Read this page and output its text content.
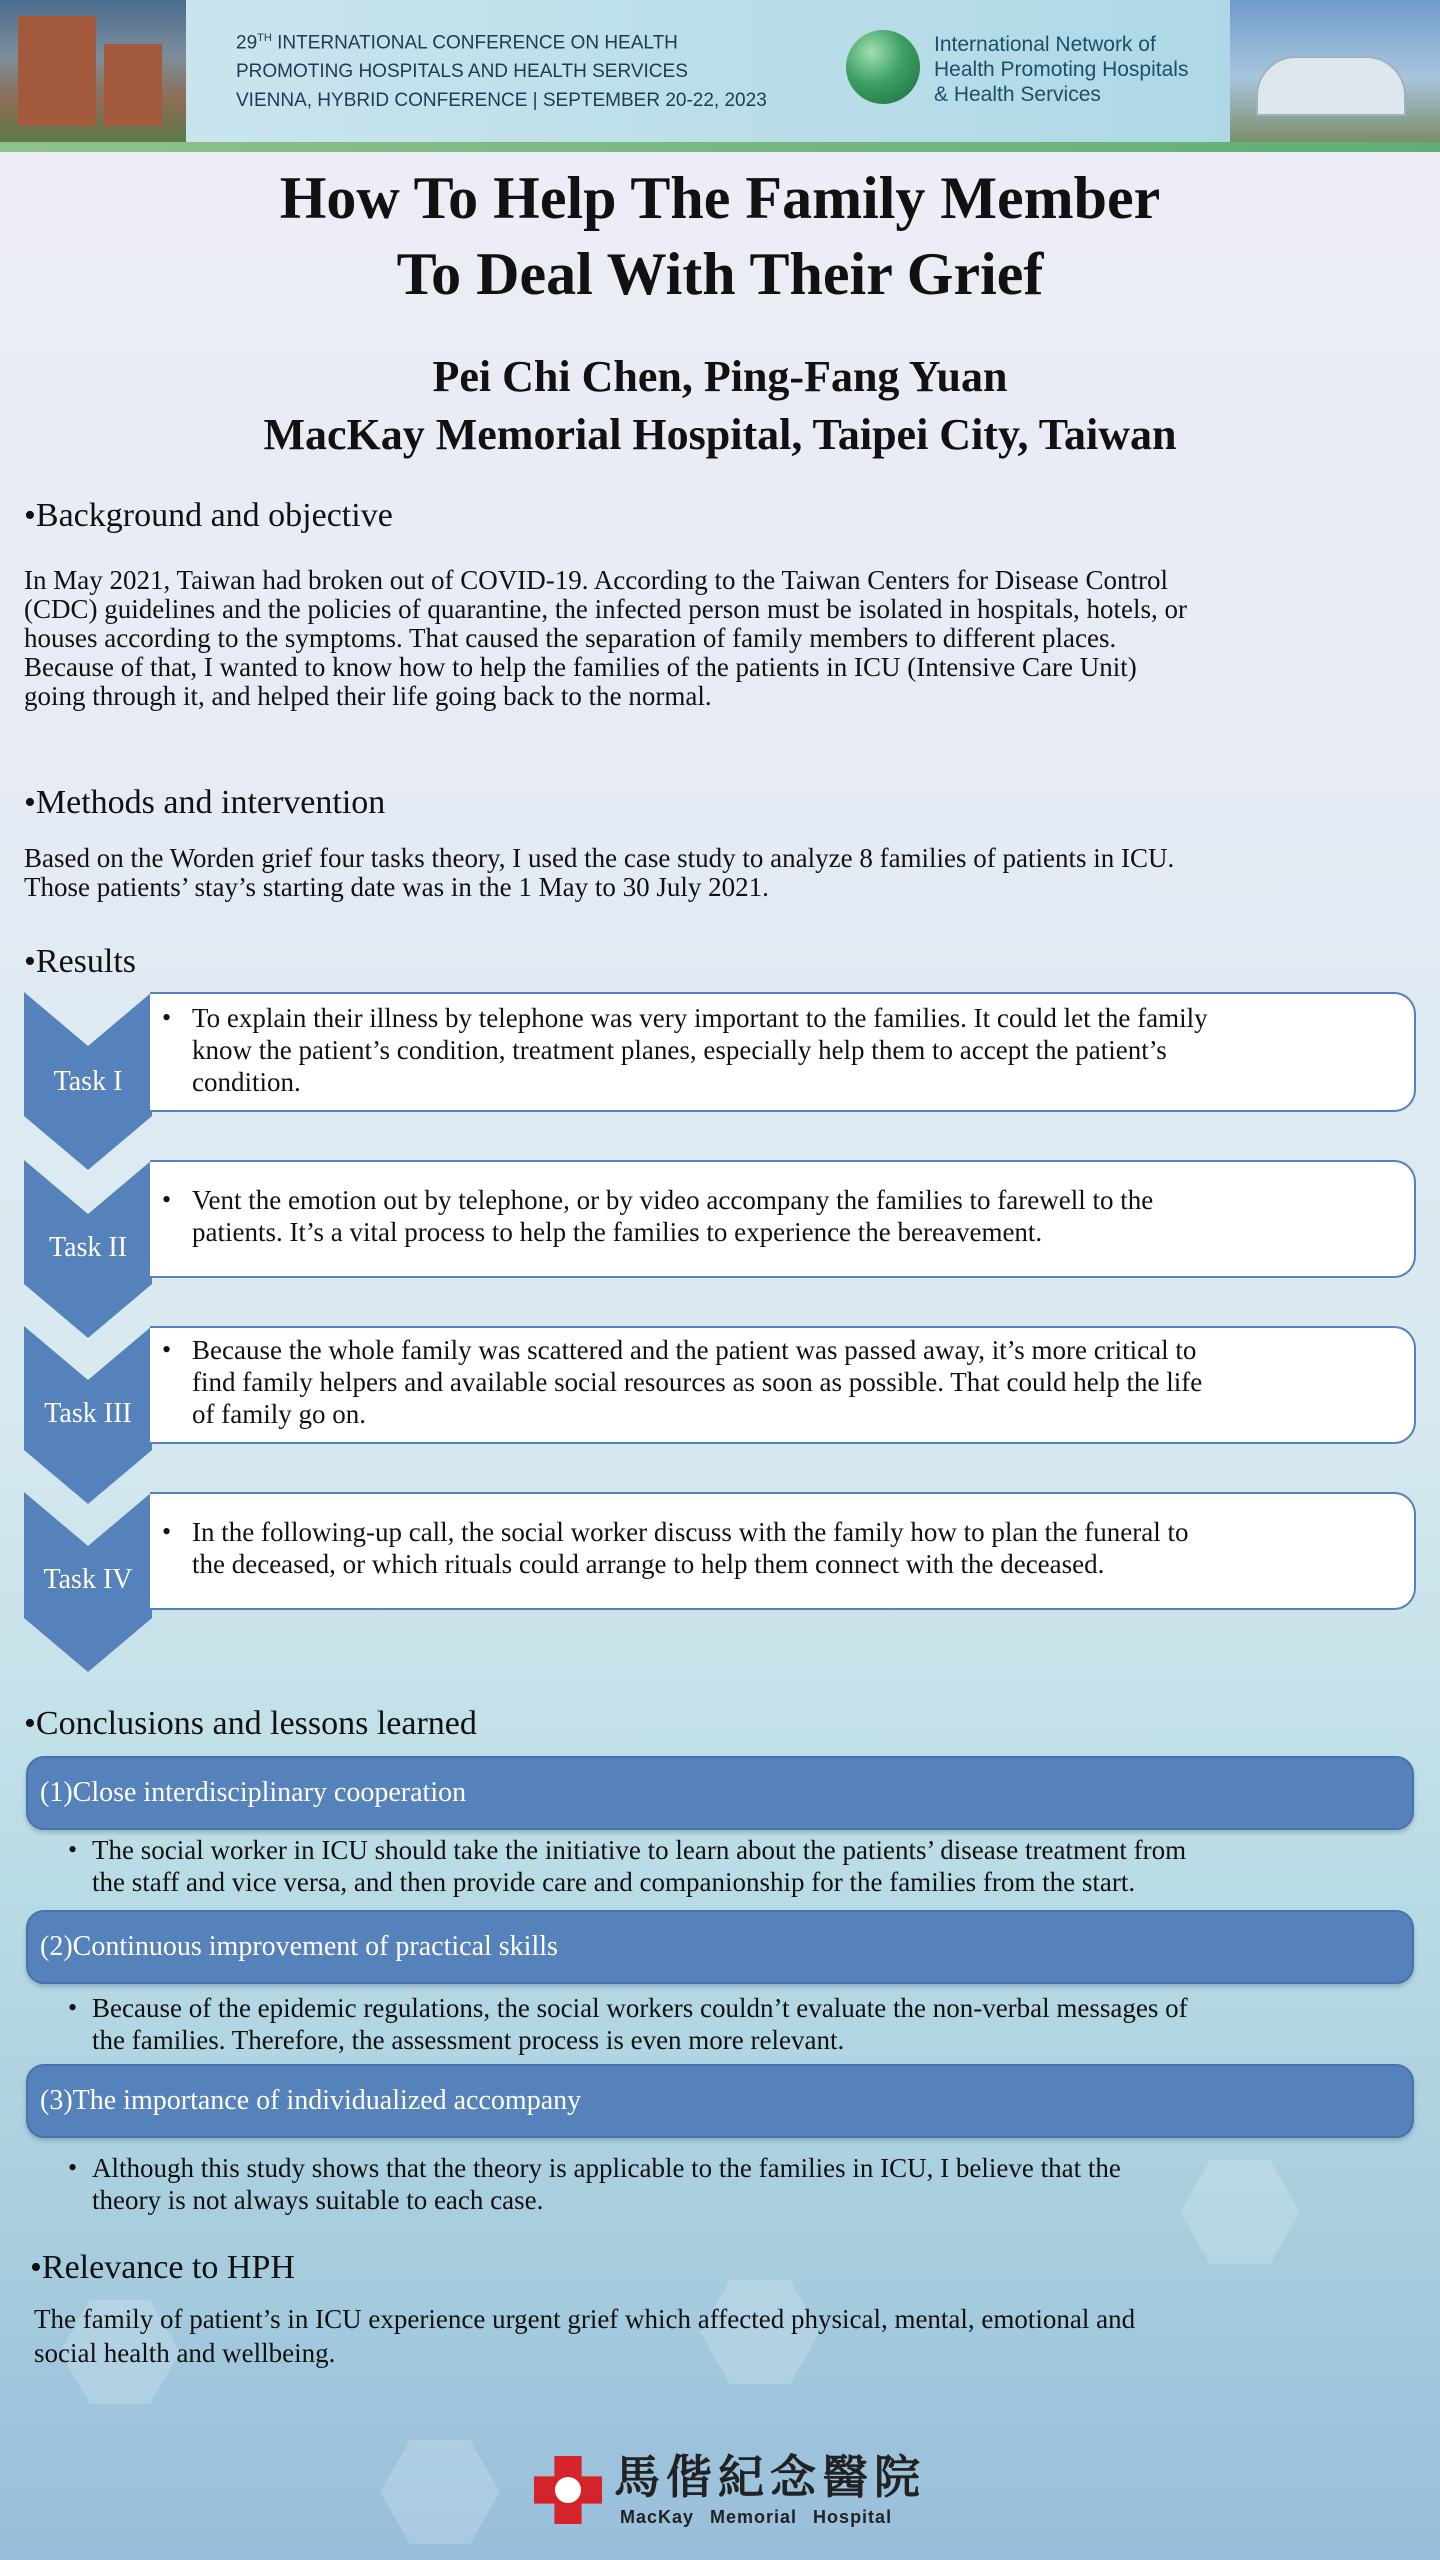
29TH INTERNATIONAL CONFERENCE ON HEALTH
PROMOTING HOSPITALS AND HEALTH SERVICES
VIENNA, HYBRID CONFERENCE | SEPTEMBER 20-22, 2023
International Network of
Health Promoting Hospitals
& Health Services
How To Help The Family Member
To Deal With Their Grief
Pei Chi Chen, Ping-Fang Yuan
MacKay Memorial Hospital, Taipei City, Taiwan
•Background and objective
In May 2021, Taiwan had broken out of COVID-19. According to the Taiwan Centers for Disease Control
(CDC) guidelines and the policies of quarantine, the infected person must be isolated in hospitals, hotels, or
houses according to the symptoms. That caused the separation of family members to different places.
Because of that, I wanted to know how to help the families of the patients in ICU (Intensive Care Unit)
going through it, and helped their life going back to the normal.
•Methods and intervention
Based on the Worden grief four tasks theory, I used the case study to analyze 8 families of patients in ICU.
Those patients’ stay’s starting date was in the 1 May to 30 July 2021.
•Results
Task I
• To explain their illness by telephone was very important to the families. It could let the family
know the patient’s condition, treatment planes, especially help them to accept the patient’s
condition.
Task II
• Vent the emotion out by telephone, or by video accompany the families to farewell to the
patients. It’s a vital process to help the families to experience the bereavement.
Task III
• Because the whole family was scattered and the patient was passed away, it’s more critical to
find family helpers and available social resources as soon as possible. That could help the life
of family go on.
Task IV
• In the following-up call, the social worker discuss with the family how to plan the funeral to
the deceased, or which rituals could arrange to help them connect with the deceased.
•Conclusions and lessons learned
(1)Close interdisciplinary cooperation
• The social worker in ICU should take the initiative to learn about the patients’ disease treatment from
the staff and vice versa, and then provide care and companionship for the families from the start.
(2)Continuous improvement of practical skills
• Because of the epidemic regulations, the social workers couldn’t evaluate the non-verbal messages of
the families. Therefore, the assessment process is even more relevant.
(3)The importance of individualized accompany
• Although this study shows that the theory is applicable to the families in ICU, I believe that the
theory is not always suitable to each case.
•Relevance to HPH
The family of patient’s in ICU experience urgent grief which affected physical, mental, emotional and
social health and wellbeing.
馬偕紀念醫院
MacKay Memorial Hospital
